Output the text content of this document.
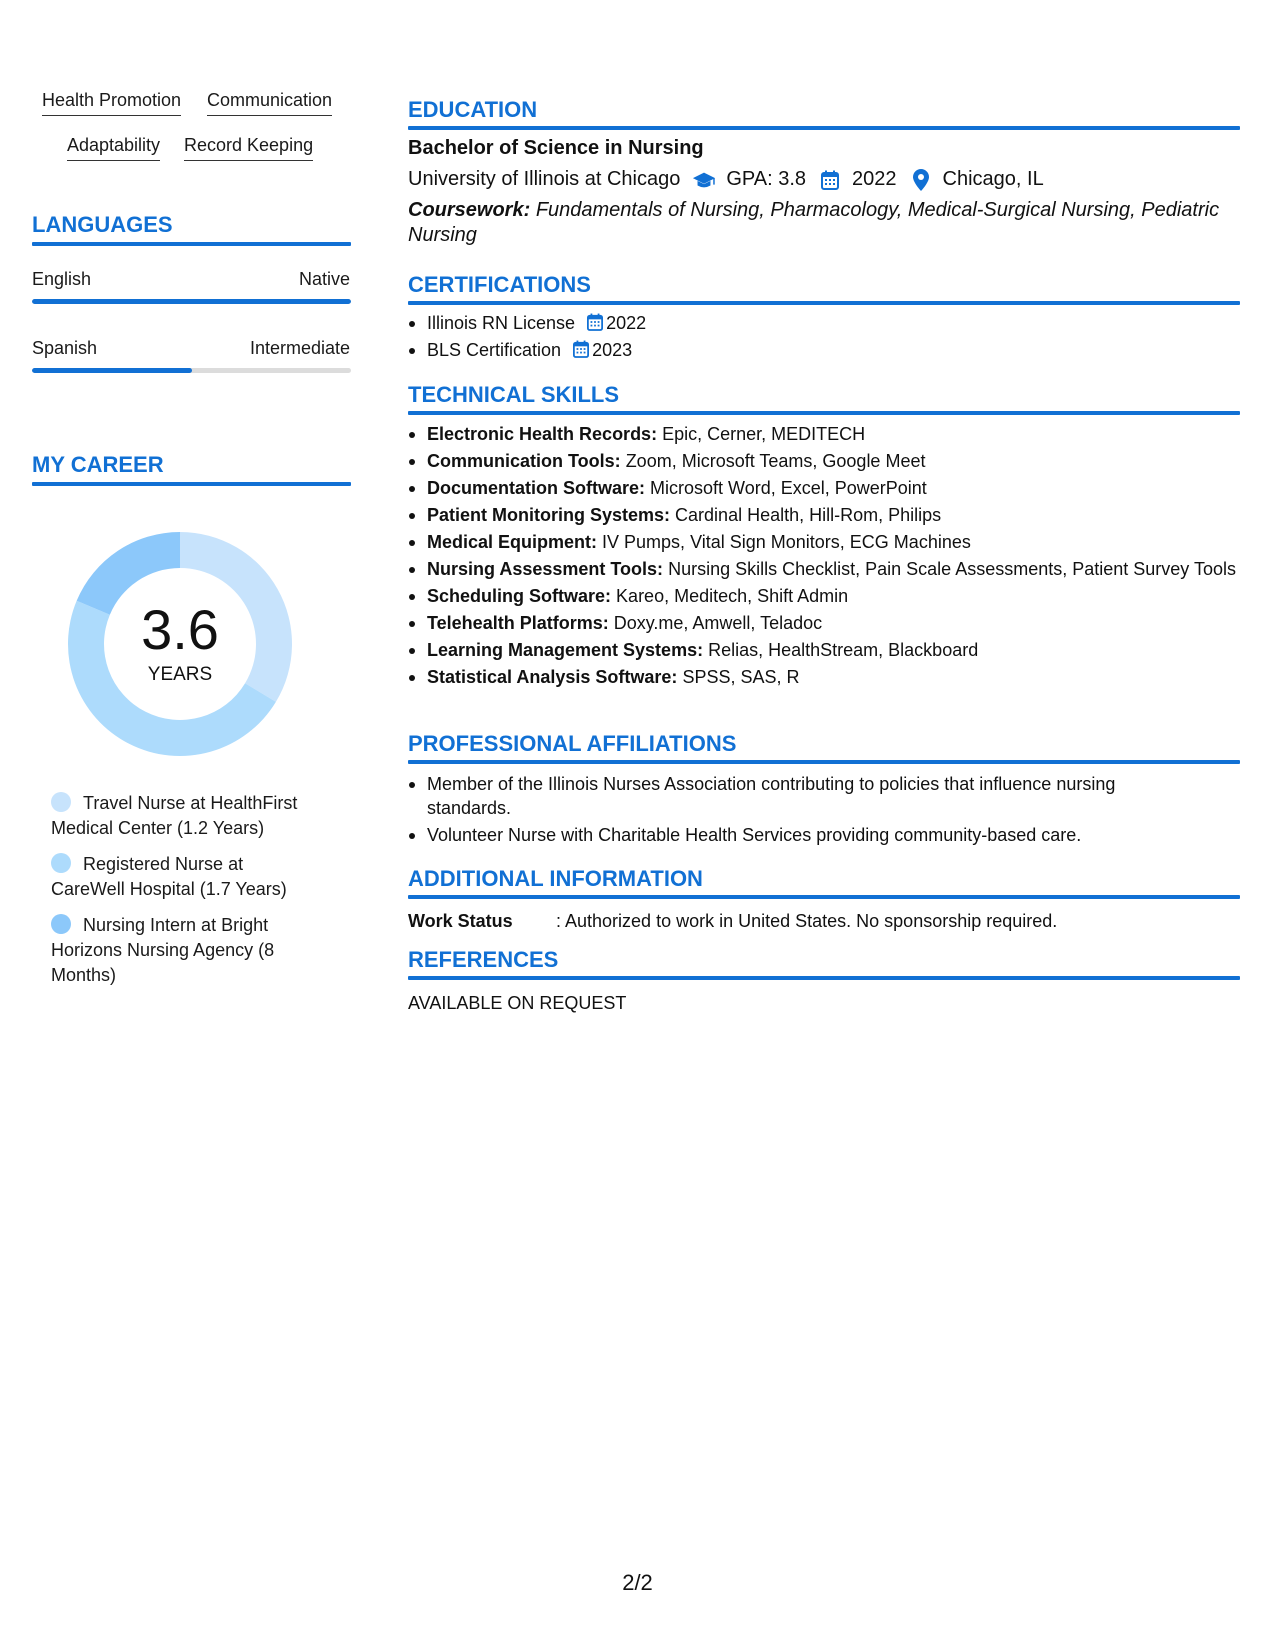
Health Promotion Communication
Adaptability Record Keeping
LANGUAGES
English	Native
Spanish	Intermediate
MY CAREER
3.6
YEARS
Travel Nurse at HealthFirst Medical Center (1.2 Years)
Registered Nurse at CareWell Hospital (1.7 Years)
Nursing Intern at Bright Horizons Nursing Agency (8 Months)
EDUCATION
Bachelor of Science in Nursing
University of Illinois at Chicago GPA: 3.8 2022 Chicago, IL
Coursework: Fundamentals of Nursing, Pharmacology, Medical-Surgical Nursing, Pediatric Nursing
CERTIFICATIONS
Illinois RN License 2022
BLS Certification 2023
TECHNICAL SKILLS
Electronic Health Records: Epic, Cerner, MEDITECH
Communication Tools: Zoom, Microsoft Teams, Google Meet
Documentation Software: Microsoft Word, Excel, PowerPoint
Patient Monitoring Systems: Cardinal Health, Hill-Rom, Philips
Medical Equipment: IV Pumps, Vital Sign Monitors, ECG Machines
Nursing Assessment Tools: Nursing Skills Checklist, Pain Scale Assessments, Patient Survey Tools
Scheduling Software: Kareo, Meditech, Shift Admin
Telehealth Platforms: Doxy.me, Amwell, Teladoc
Learning Management Systems: Relias, HealthStream, Blackboard
Statistical Analysis Software: SPSS, SAS, R
PROFESSIONAL AFFILIATIONS
Member of the Illinois Nurses Association contributing to policies that influence nursing standards.
Volunteer Nurse with Charitable Health Services providing community-based care.
ADDITIONAL INFORMATION
Work Status : Authorized to work in United States. No sponsorship required.
REFERENCES
AVAILABLE ON REQUEST
2/2
